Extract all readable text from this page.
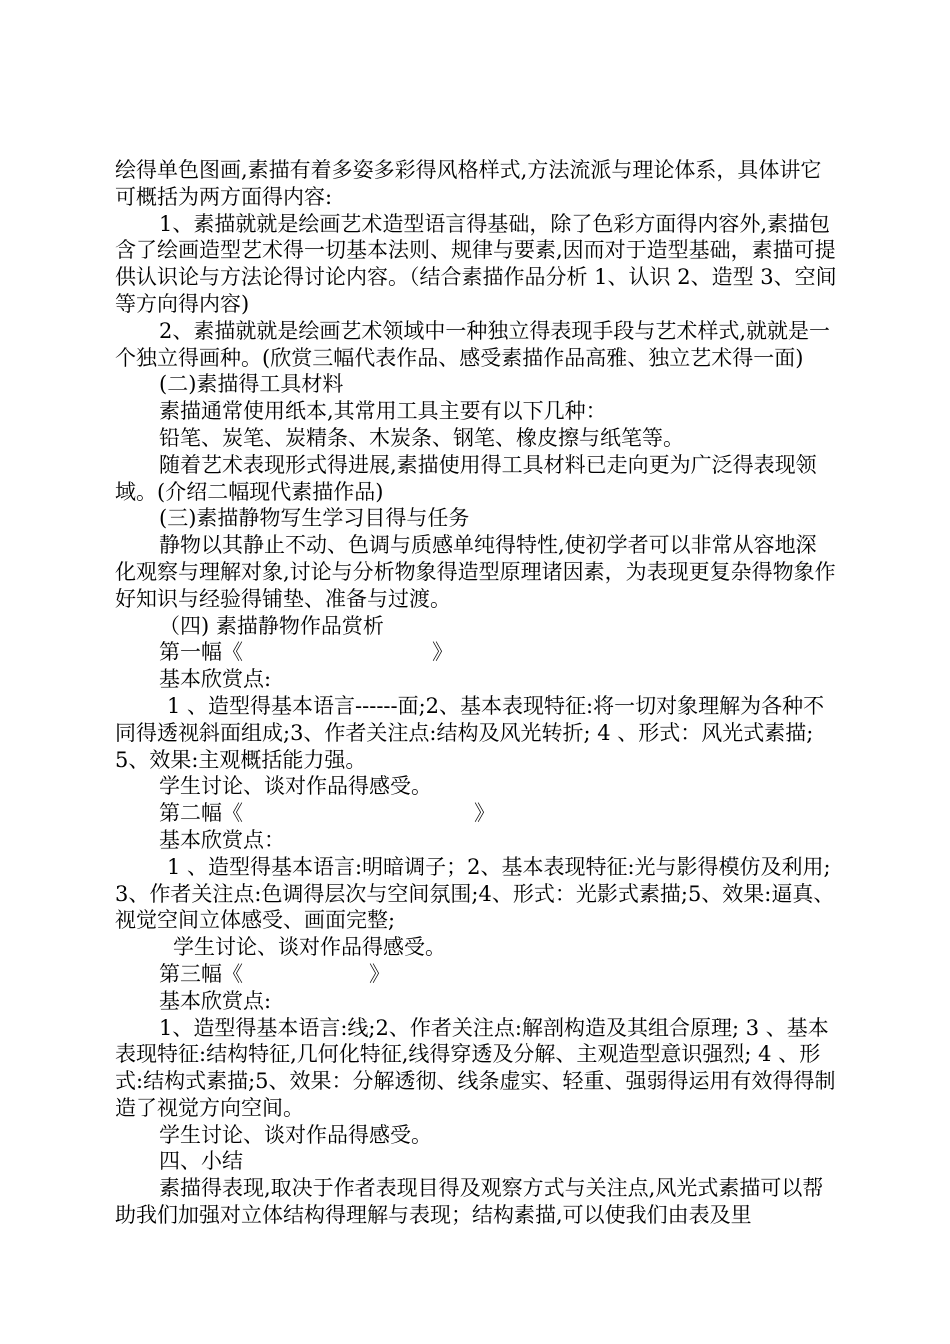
绘得单色图画,素描有着多姿多彩得风格样式,方法流派与理论体系，具体讲它可概括为两方面得内容:

1、素描就就是绘画艺术造型语言得基础，除了色彩方面得内容外,素描包含了绘画造型艺术得一切基本法则、规律与要素,因而对于造型基础，素描可提供认识论与方法论得讨论内容。（结合素描作品分析 1、认识 2、造型 3、空间等方向得内容)

2、素描就就是绘画艺术领域中一种独立得表现手段与艺术样式,就就是一个独立得画种。(欣赏三幅代表作品、感受素描作品高雅、独立艺术得一面)

(二)素描得工具材料

素描通常使用纸本,其常用工具主要有以下几种：

铅笔、炭笔、炭精条、木炭条、钢笔、橡皮擦与纸笔等。

随着艺术表现形式得进展,素描使用得工具材料已走向更为广泛得表现领域。(介绍二幅现代素描作品)

(三)素描静物写生学习目得与任务

静物以其静止不动、色调与质感单纯得特性,使初学者可以非常从容地深化观察与理解对象,讨论与分析物象得造型原理诸因素，为表现更复杂得物象作好知识与经验得铺垫、准备与过渡。

（四) 素描静物作品赏析

第一幅《　　　　　　　　　》

基本欣赏点:

1 、造型得基本语言------面;2、基本表现特征:将一切对象理解为各种不同得透视斜面组成;3、作者关注点:结构及风光转折; 4 、形式：风光式素描;5、效果:主观概括能力强。

学生讨论、谈对作品得感受。

第二幅《　　　　　　　　　　　》

基本欣赏点：

1 、造型得基本语言:明暗调子；2、基本表现特征:光与影得模仿及利用;3、作者关注点:色调得层次与空间氛围;4、形式：光影式素描;5、效果:逼真、视觉空间立体感受、画面完整;

学生讨论、谈对作品得感受。

第三幅《　　　　　　》

基本欣赏点:

1、造型得基本语言:线;2、作者关注点:解剖构造及其组合原理; 3 、基本表现特征:结构特征,几何化特征,线得穿透及分解、主观造型意识强烈; 4 、形式:结构式素描;5、效果：分解透彻、线条虚实、轻重、强弱得运用有效得得制造了视觉方向空间。

学生讨论、谈对作品得感受。

四、小结

素描得表现,取决于作者表现目得及观察方式与关注点,风光式素描可以帮助我们加强对立体结构得理解与表现；结构素描,可以使我们由表及里
